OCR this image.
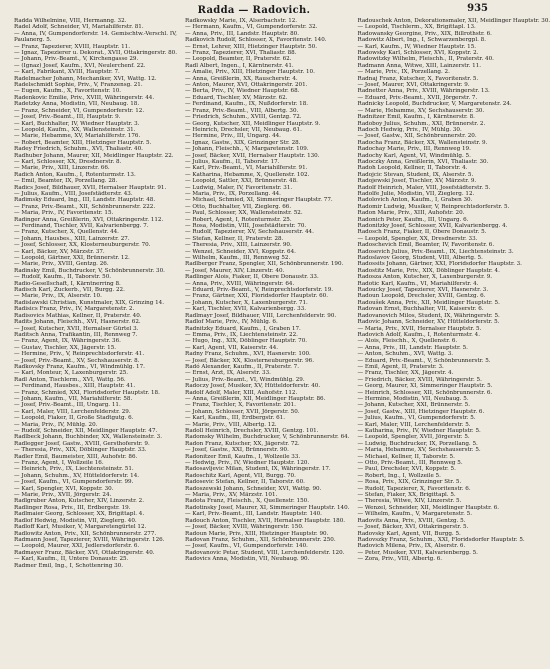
Radda — Radovich.	935

Radda Wilhelmine, VIII, Hermanng. 32.

Radel Adolf, Schneider, VI, Mariahilferstr. 81.

— Anna, IV, Gumpendorferstr. 14. Gemischtw.-Verschl. IV,

Paulanerg. 5.

— Franz, Tapezierer, XVIII, Hauptstr. 11.

— Ignaz, Tapezierer u. Dekorat., XVII, Ottakringerstr. 80.

— Johann, Priv.-Beamt., V, Kirchengasse 29.

— (Ignaz) Josef, Kaufm., XVI, Neulerchenf. 22.

— Karl, Fabrikant, XVIII, Hauptstr. 7.

Radelmacher Johann, Mechaniker, XVI, Wattg. 12.

Radelschmidt Sophie, Priv., V, Franzensg. 21.

— Eugen, Kaufm., X, Favoritenstr. 10.

Radenkovic Emilie, Priv., XVIII, Währingerstr. 44.

Radetzky Anna, Modistin, VII, Neubaug. 18.

— Franz, Schneider, VI, Gumpendorferstr. 12.

— Josef, Priv.-Beamt., III, Hauptstr. 9.

— Karl, Buchhalter, IV, Wiedner Hauptstr. 3.

— Leopold, Kaufm., XX, Wallensteinstr. 31.

— Marie, Hebamme, XV, Mariahilferstr. 176.

— Robert, Beamter, XIII, Hietzinger Hauptstr. 5.

Radey Friedrich, Schuhm., XVI, Thaliastr. 40.

Radhuber Johann, Maurer, XII, Meidlinger Hauptstr. 22.

— Karl, Schlosser, XX, Dresdnerstr. 8.

— Marie, Priv., XIII, Linzerstr. 66.

Radich Anton, Kaufm., I, Rotenturmstr. 13.

— Emil, Beamter, IX, Porzellang. 28.

Radics Josef, Bildhauer, XVII, Hernalser Hauptstr. 91.

— Julius, Kaufm., VIII, Josefstädterstr. 43.

Radimsky Eduard, Ing., III, Landstr. Hauptstr. 48.

— Franz, Priv.-Beamt., XII, Schönbrunnerstr. 222.

— Maria, Priv., IV, Favoritenstr. 15.

Radinger Anna, Greißlerin, XVI, Ottakringerstr. 112.

— Ferdinand, Tischler, XVII, Kalvarienbergg. 7.

— Franz, Kutscher, X, Quellenstr. 44.

— Johann, Hausbes., XIII, Lainzerstr. 27.

— Josef, Schlosser, XX, Klosterneuburgerstr. 70.

— Karl, Bäcker, XV, Märzstr. 37.

— Leopold, Gärtner, XXI, Brünnerstr. 12.

— Marie, Priv., XVIII, Gentzg. 26.

Radinsky Emil, Buchdrucker, V, Schönbrunnerstr. 30.

— Rudolf, Kaufm., II, Taborstr. 50.

Radio-Gesellschaft, I, Kärntnerring 8.

Radisch Karl, Zuckerb., VII, Burgg. 22.

— Marie, Priv., IX, Alserstr. 10.

Radislawski Christian, Kunstmaler, XIX, Grinzing 14.

Radisics Franz, Priv., IV, Margaretenstr. 2.

Radisovics Mathias, Kellner, II, Praterstr. 40.

Radits Johann, Fleischh., XVI, Hasnerstr. 62.

— Josef, Kutscher, XVII, Hernalser Gürtel 3.

Raditsch Anna, Trafikantin, III, Rennweg 7.

— Franz, Agent, IX, Währingerstr. 36.

— Gustav, Tischler, XX, Jägerstr. 15.

— Hermine, Priv., V, Reinprechtsdorferstr. 41.

— Josef, Priv.-Beamt., XV, Sechshauserstr. 8.

Radkovsky Franz, Kaufm., VI, Windmühlg. 17.

— Karl, Monteur, X, Laxenburgerstr. 25.

Radl Anton, Tischlerm., XVI, Wattg. 56.

— Ferdinand, Hausbes., XIII, Hauptstr. 41.

— Franz, Schmied, XXI, Floridsdorfer Hauptstr. 18.

— Johann, Kaufm., VII, Mariahilferstr. 58.

— Josef, Priv.-Beamt., III, Ungarg. 11.

— Karl, Maler, VIII, Lerchenfelderstr. 29.

— Leopold, Fiaker, II, Große Stadtgutg. 6.

— Maria, Priv., IV, Mühlg. 20.

— Rudolf, Schneider, XII, Meidlinger Hauptstr. 47.

Radlbeck Johann, Buchbinder, XX, Wallensteinstr. 3.

Radlegger Josef, Gastw., XVIII, Gersthoferstr. 9.

— Theresia, Priv., XIX, Döblinger Hauptstr. 33.

Radler Emil, Baumeister, XIII, Auhofstr. 86.

— Franz, Agent, I, Wollzeile 16.

— Heinrich, Priv., IX, Liechtensteinstr. 51.

— Johann, Schuhm., XV, Hütteldorferstr. 14.

— Josef, Kaufm., VI, Gumpendorferstr. 99.

— Karl, Spengler, XVI, Koppstr. 30.

— Marie, Priv., XVII, Jörgerstr. 24.

Radlgruber Anton, Kutscher, XIV, Linzerstr. 2.

Radlinger Rosa, Priv., III, Erdbergstr. 19.

Radlmaier Georg, Schlosser, XX, Brigittapl. 4.

Radlof Hedwig, Modistin, VII, Zieglerg. 40.

Radloff Karl, Musiker, V, Margaretengürtel 12.

Radlowitz Anton, Priv., XII, Schönbrunnerstr. 277.

Radmann Josef, Tapezierer, XVIII, Währingerstr. 126.

— Leopold, Maurer, XXI, Jedlersdorferstr. 6.

Radmayer Franz, Bäcker, XVI, Ottakringerstr. 40.

— Karl, Kaufm., II, Untere Donaustr. 25.

Radmer Emil, Ing., I, Schottenring 30.

Radkowsky Marie, IX, Alserbachstr. 12.

— Hermann, Kaufm., VI, Gumpendorferstr. 32.

— Anna, Priv., III, Landstr. Hauptstr. 80.

Radkovich Rudolf, Schlosser, X, Favoritenstr. 140.

— Ernst, Lehrer, XIII, Hietzinger Hauptstr. 50.

— Franz, Tapezierer, XVI, Thaliastr. 88.

— Leopold, Beamter, II, Praterstr. 62.

Radl Albert, Ingen., I, Kärntnerstr. 41.

— Amalie, Priv., XIII, Hietzinger Hauptstr. 10.

— Anna, Greißlerin, XX, Rauscherstr. 4.

— Anton, Maurer, XVI, Ottakringerstr. 201.

— Berta, Priv., IV, Wiedner Hauptstr. 68.

— Eduard, Tischler, XV, Märzstr. 62.

— Ferdinand, Kaufm., IX, Nußdorferstr. 18.

— Franz, Priv.-Beamt., VIII, Albertg. 30.

— Friedrich, Schuhm., XVIII, Gentzg. 72.

— Georg, Kutscher, XII, Meidlinger Hauptstr. 9.

— Heinrich, Drechsler, VII, Neubaug. 61.

— Hermine, Priv., III, Ungarg. 44.

— Ignaz, Gastw., XIX, Grinzinger Str. 28.

— Johann, Fleischh., V, Margaretenstr. 109.

— Josef, Bäcker, XVII, Hernalser Hauptstr. 130.

— Julius, Kaufm., II, Taborstr. 17.

— Karl, Priv.-Beamt., VI, Mariahilferstr. 91.

— Katharina, Hebamme, X, Quellenstr. 102.

— Leopold, Sattler, XXI, Brünnerstr. 48.

— Ludwig, Maler, IV, Favoritenstr. 31.

— Maria, Priv., IX, Porzellang. 44.

— Michael, Schmied, XI, Simmeringer Hauptstr. 77.

— Otto, Buchhalter, VII, Zieglerg. 66.

— Paul, Schlosser, XX, Wallensteinstr. 52.

— Robert, Agent, I, Rotenturmstr. 25.

— Rosa, Modistin, VIII, Josefstädterstr. 70.

— Rudolf, Tapezierer, XV, Sechshauserstr. 44.

— Stefan, Kellner, II, Praterstr. 28.

— Theresia, Priv., XIII, Lainzerstr. 90.

— Wenzel, Schneider, XVI, Koppstr. 64.

— Wilhelm, Kaufm., III, Rennweg 52.

Radlberger Franz, Spengler, XII, Schönbrunnerstr. 190.

— Josef, Maurer, XIV, Linzerstr. 40.

Radlinger Alois, Fiaker, II, Obere Donaustr. 33.

— Anna, Priv., XVIII, Währingerstr. 64.

— Eduard, Priv.-Beamt., V, Reinprechtsdorferstr. 19.

— Franz, Gärtner, XXI, Floridsdorfer Hauptstr. 60.

— Johann, Kutscher, X, Laxenburgerstr. 71.

— Karl, Tischler, XVII, Kalvarienbergg. 33.

Radlmayr Josef, Bildhauer, VIII, Lerchenfelderstr. 90.

Radlof Marie, Priv., IV, Mühlg. 6.

Radnitzky Eduard, Kaufm., I, Graben 17.

— Emma, Priv., IX, Liechtensteinstr. 22.

— Hugo, Ing., XIX, Döblinger Hauptstr. 70.

— Karl, Agent, VII, Kaiserstr. 44.

Radny Franz, Schuhm., XVI, Hasnerstr. 100.

— Josef, Bäcker, XX, Klosterneuburgerstr. 96.

Radó Alexander, Kaufm., II, Praterstr. 7.

— Ernst, Arzt, IX, Alserstr. 33.

— Julius, Priv.-Beamt., VI, Windmühlg. 29.

Radoczy Josef, Musiker, XV, Hütteldorferstr. 40.

Radolf Adolf, Maler, XIII, Auhofstr. 112.

— Anna, Greißlerin, XII, Meidlinger Hauptstr. 86.

— Franz, Tischler, X, Favoritenstr. 201.

— Johann, Schlosser, XVII, Jörgerstr. 50.

— Karl, Kaufm., III, Erdbergstr. 61.

— Marie, Priv., VIII, Albertg. 12.

Radoll Heinrich, Drechsler, XVIII, Gentzg. 101.

Radomsky Wilhelm, Buchdrucker, V, Schönbrunnerstr. 64.

Radon Franz, Kutscher, XX, Jägerstr. 72.

— Josef, Gastw., XXI, Brünnerstr. 90.

Radonitzer Emil, Kaufm., I, Wollzeile 33.

— Hedwig, Priv., IV, Wiedner Hauptstr. 120.

Radosavljevic Milan, Student, IX, Währingerstr. 17.

Radoschitz Karl, Agent, VII, Burgg. 70.

Radosevic Stefan, Kellner, II, Taborstr. 60.

Radoszewski Johann, Schneider, XVI, Wattg. 90.

— Maria, Priv., XV, Märzstr. 101.

Radota Franz, Fleischh., X, Quellenstr. 150.

Radotinsky Josef, Maurer, XI, Simmeringer Hauptstr. 140.

— Karl, Priv.-Beamt., III, Landstr. Hauptstr. 140.

Radouch Anton, Tischler, XVII, Hernalser Hauptstr. 180.

— Josef, Bäcker, XVIII, Währingerstr. 150.

Radoun Marie, Priv., XIII, Hietzinger Hauptstr. 90.

Radovan Franz, Schuhm., XII, Schönbrunnerstr. 250.

— Josef, Kaufm., VI, Gumpendorferstr. 140.

Radovanovic Petar, Student, VIII, Lerchenfelderstr. 120.

Radovics Anna, Modistin, VII, Neubaug. 90.

Radouschek Anton, Dekorationsmaler, XII, Meidlinger Hauptstr. 30.

— Leopold, Tischlerm., XX, Brigittapl. 13.

Radowansky Georgine, Priv., XIX, Billrothstr. 6.

Radowitz Albert, Ing., I, Schwarzenbergpl. 8.

— Karl, Kaufm., IV, Wiedner Hauptstr. 15.

Radowsky Karl, Schlosser, XVI, Koppstr. 2.

Radowitzky Wilhelm, Fleischh., II, Praterstr. 40.

Radmann Anna, Witwe, XIII, Lainzerstr. 11.

— Marie, Priv., IX, Porzellang. 2.

Radnaj Franz, Kutscher, X, Favoritenstr. 5.

— Josef, Maurer, XVI, Ottakringerstr. 9.

Radnetter Anna, Priv., XVIII, Währingerstr. 13.

— Eduard, Priv.-Beamt., XVII, Jörgerstr. 7.

Radnicky Leopold, Buchdrucker, V, Margaretenstr. 24.

— Marie, Hebamme, XV, Sechshauserstr. 30.

Radnitzer Emil, Kaufm., I, Kärntnerstr. 8.

Radoboy Julius, Schuhm., XXI, Brünnerstr. 2.

Radoch Hedwig, Priv., IV, Mühlg. 30.

— Josef, Gastw., XII, Schönbrunnerstr. 20.

Radocha Franz, Bäcker, XX, Wallensteinstr. 9.

Radochay Marie, Priv., III, Rennweg 19.

Radochy Karl, Agent, VI, Windmühlg. 5.

Radoczky Anna, Greißlerin, XVI, Thaliastr. 30.

Radoh Leopold, Kellner, II, Taborstr. 4.

Radojcic Stevan, Student, IX, Alserstr. 5.

Radojewski Josef, Tischler, XV, Märzstr. 9.

Radolf Heinrich, Maler, VIII, Josefstädterstr. 5.

Radolfe Julie, Modistin, VII, Zieglerg. 12.

Radolovich Anton, Kaufm., I, Graben 30.

Radomir Ludwig, Musiker, V, Reinprechtsdorferstr. 5.

Radon Marie, Priv., XIII, Auhofstr. 20.

Radonich Peter, Kaufm., III, Ungarg. 6.

Radonitzky Josef, Schlosser, XVII, Kalvarienbergg. 4.

Radosch Franz, Fiaker, II, Obere Donaustr. 5.

— Leopold, Spengler, XX, Dresdnerstr. 33.

Radoschevich Emil, Beamter, IV, Favoritenstr. 6.

Radosevich Julius, Priv.-Beamt., IX, Liechtensteinstr. 3.

Radoslavov Georg, Student, VIII, Albertg. 5.

Radossits Johann, Gärtner, XXI, Floridsdorfer Hauptstr. 3.

Radostitz Marie, Priv., XIX, Döblinger Hauptstr. 4.

Radosza Anton, Kutscher, X, Laxenburgerstr. 9.

Radotic Karl, Kaufm., VI, Mariahilferstr. 4.

Radoucky Josef, Tapezierer, XVI, Hasnerstr. 3.

Radoun Leopold, Drechsler, XVIII, Gentzg. 6.

Radoušek Anna, Priv., XII, Meidlinger Hauptstr. 5.

Radovan Ernst, Buchhalter, VII, Kaiserstr. 6.

Radovanovich Milos, Student, IX, Währingerstr. 5.

Radovic Johann, Schneider, XV, Hütteldorferstr. 5.

— Maria, Priv., XVII, Hernalser Hauptstr. 5.

Radovich Adolf, Kaufm., I, Rotenturmstr. 4.

— Alois, Fleischh., X, Quellenstr. 6.

— Anna, Priv., III, Landstr. Hauptstr. 5.

— Anton, Schuhm., XVI, Wattg. 3.

— Eduard, Priv.-Beamt., V, Schönbrunnerstr. 5.

— Emil, Agent, II, Praterstr. 3.

— Franz, Tischler, XX, Jägerstr. 4.

— Friedrich, Bäcker, XVIII, Währingerstr. 5.

— Georg, Maurer, XI, Simmeringer Hauptstr. 5.

— Heinrich, Schlosser, XII, Schönbrunnerstr. 6.

— Hermine, Modistin, VII, Neubaug. 5.

— Johann, Kutscher, XXI, Brünnerstr. 5.

— Josef, Gastw., XIII, Hietzinger Hauptstr. 6.

— Julius, Kaufm., VI, Gumpendorferstr. 5.

— Karl, Maler, VIII, Lerchenfelderstr. 5.

— Katharina, Priv., IV, Wiedner Hauptstr. 5.

— Leopold, Spengler, XVII, Jörgerstr. 5.

— Ludwig, Buchdrucker, IX, Porzellang. 5.

— Maria, Hebamme, XV, Sechshauserstr. 5.

— Michael, Kellner, II, Taborstr. 5.

— Otto, Priv.-Beamt., III, Rennweg 5.

— Paul, Drechsler, XVI, Koppstr. 5.

— Robert, Ing., I, Wollzeile 5.

— Rosa, Priv., XIX, Grinzinger Str. 5.

— Rudolf, Tapezierer, X, Favoritenstr. 6.

— Stefan, Fiaker, XX, Brigittapl. 5.

— Theresia, Witwe, XIV, Linzerstr. 5.

— Wenzel, Schneider, XII, Meidlinger Hauptstr. 6.

— Wilhelm, Kaufm., V, Margaretenstr. 5.

Radovits Anna, Priv., XVIII, Gentzg. 5.

— Josef, Bäcker, XVI, Ottakringerstr. 5.

Radovsky Karl, Agent, VII, Burgg. 5.

Radovszky Franz, Schuhm., XXI, Floridsdorfer Hauptstr. 5.

Radovich Milena, Priv., IX, Alserstr. 6.

— Peter, Musiker, XVII, Kalvarienbergg. 5.

— Zora, Priv., VIII, Albertg. 6.
